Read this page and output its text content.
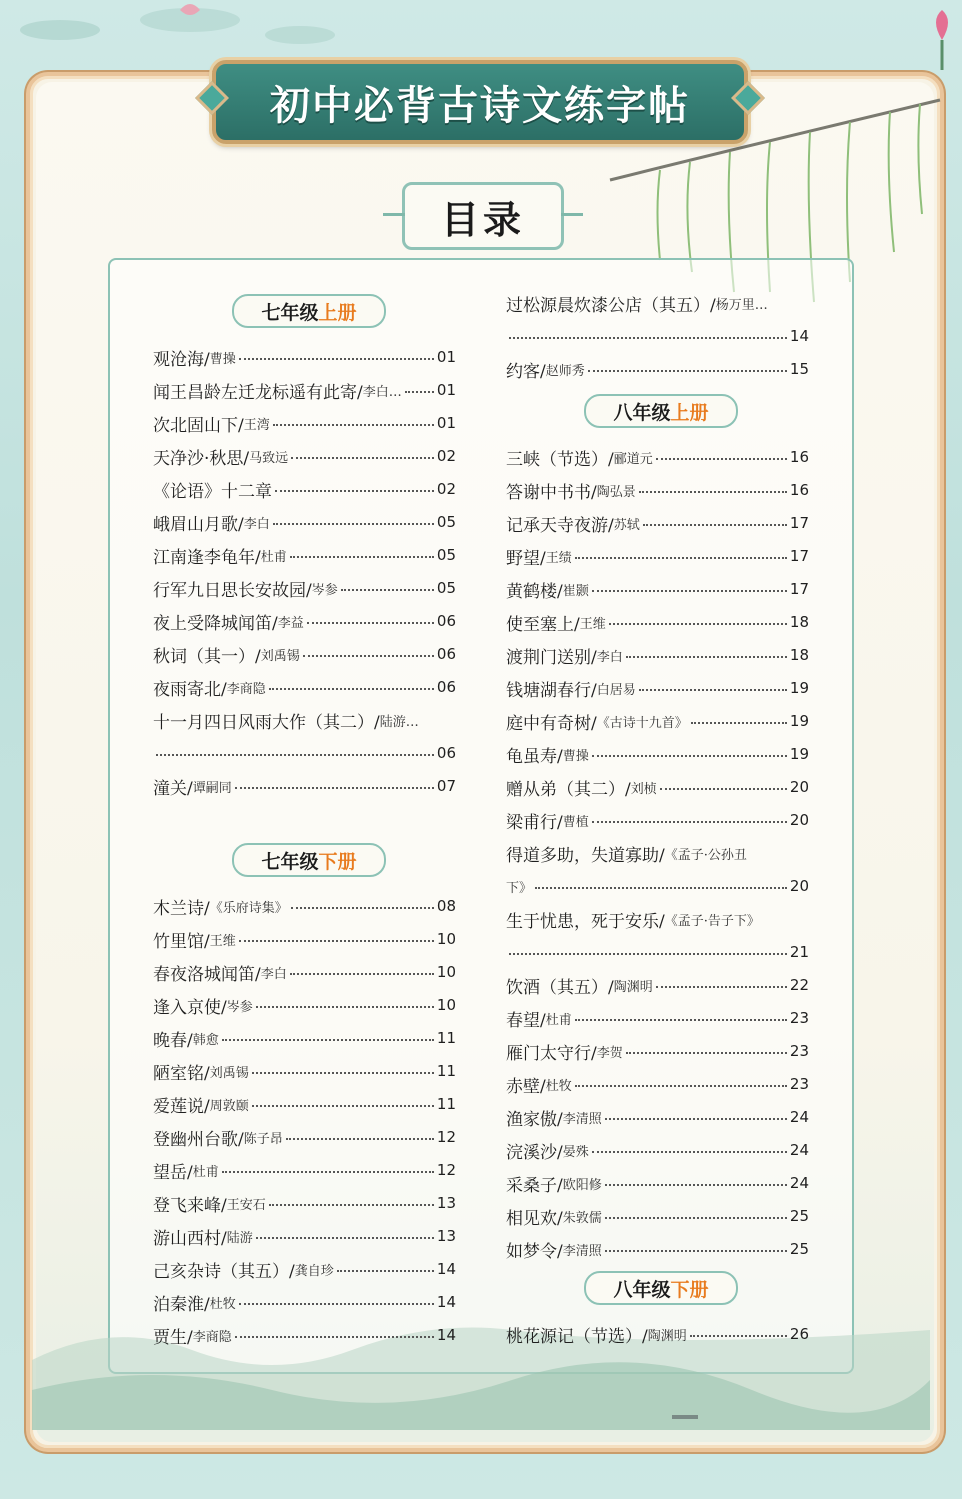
初中必背古诗文练字帖
目录
七年级 上册
七年级 下册
八年级 上册
八年级 下册
观沧海/ 曹操	01
闻王昌龄左迁龙标遥有此寄/ 李白… 01
次北固山下/ 王湾	01
天净沙·秋思/ 马致远	02
《论语》十二章	02
峨眉山月歌/ 李白	05
江南逢李龟年/ 杜甫	05
行军九日思长安故园/ 岑参	05
夜上受降城闻笛/ 李益	06
秋词（其一）/ 刘禹锡	06
夜雨寄北/ 李商隐	06
十一月四日风雨大作（其二）/ 陆游…
06
潼关/ 谭嗣同	07
木兰诗/ 《乐府诗集》	08
竹里馆/ 王维	10
春夜洛城闻笛/ 李白	10
逢入京使/ 岑参	10
晚春/ 韩愈	11
陋室铭/ 刘禹锡	11
爱莲说/ 周敦颐	11
登幽州台歌/ 陈子昂	12
望岳/ 杜甫	12
登飞来峰/ 王安石	13
游山西村/ 陆游	13
己亥杂诗（其五）/ 龚自珍	14
泊秦淮/ 杜牧	14
贾生/ 李商隐	14
过松源晨炊漆公店（其五）/ 杨万里…
14
约客/ 赵师秀	15
三峡（节选）/ 郦道元	16
答谢中书书/ 陶弘景	16
记承天寺夜游/ 苏轼	17
野望/ 王绩	17
黄鹤楼/ 崔颢	17
使至塞上/ 王维	18
渡荆门送别/ 李白	18
钱塘湖春行/ 白居易	19
庭中有奇树/ 《古诗十九首》	19
龟虽寿/ 曹操	19
赠从弟（其二）/ 刘桢	20
梁甫行/ 曹植	20
得道多助，失道寡助/ 《孟子·公孙丑
下》	20
生于忧患，死于安乐/ 《孟子·告子下》
21
饮酒（其五）/ 陶渊明	22
春望/ 杜甫	23
雁门太守行/ 李贺	23
赤壁/ 杜牧	23
渔家傲/ 李清照	24
浣溪沙/ 晏殊	24
采桑子/ 欧阳修	24
相见欢/ 朱敦儒	25
如梦令/ 李清照	25
桃花源记（节选）/ 陶渊明	26
